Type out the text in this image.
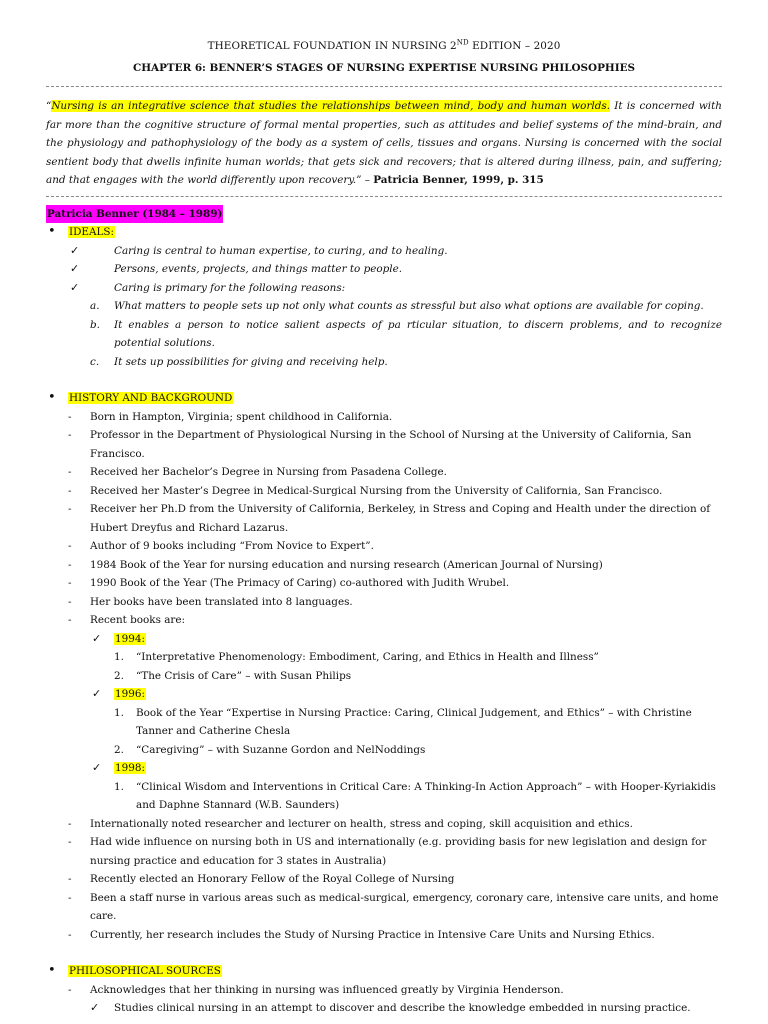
THEORETICAL FOUNDATION IN NURSING 2ND EDITION – 2020
CHAPTER 6: BENNER’S STAGES OF NURSING EXPERTISE NURSING PHILOSOPHIES
“Nursing is an integrative science that studies the relationships between mind, body and human worlds. It is concerned with far more than the cognitive structure of formal mental properties, such as attitudes and belief systems of the mind-brain, and the physiology and pathophysiology of the body as a system of cells, tissues and organs. Nursing is concerned with the social sentient body that dwells infinite human worlds; that gets sick and recovers; that is altered during illness, pain, and suffering; and that engages with the world differently upon recovery.” – Patricia Benner, 1999, p. 315
Patricia Benner (1984 – 1989)
• IDEALS:
✓	Caring is central to human expertise, to curing, and to healing.
✓	Persons, events, projects, and things matter to people.
✓	Caring is primary for the following reasons:
a. What matters to people sets up not only what counts as stressful but also what options are available for coping.
b. It enables a person to notice salient aspects of pa rticular situation, to discern problems, and to recognize potential solutions.
c. It sets up possibilities for giving and receiving help.
• HISTORY AND BACKGROUND
- Born in Hampton, Virginia; spent childhood in California.
- Professor in the Department of Physiological Nursing in the School of Nursing at the University of California, San Francisco.
- Received her Bachelor’s Degree in Nursing from Pasadena College.
- Received her Master’s Degree in Medical-Surgical Nursing from the University of California, San Francisco.
- Receiver her Ph.D from the University of California, Berkeley, in Stress and Coping and Health under the direction of Hubert Dreyfus and Richard Lazarus.
- Author of 9 books including “From Novice to Expert”.
- 1984 Book of the Year for nursing education and nursing research (American Journal of Nursing)
- 1990 Book of the Year (The Primacy of Caring) co-authored with Judith Wrubel.
- Her books have been translated into 8 languages.
- Recent books are:
✓ 1994:
1. “Interpretative Phenomenology: Embodiment, Caring, and Ethics in Health and Illness”
2. “The Crisis of Care” – with Susan Philips
✓ 1996:
1. Book of the Year “Expertise in Nursing Practice: Caring, Clinical Judgement, and Ethics” – with Christine Tanner and Catherine Chesla
2. “Caregiving” – with Suzanne Gordon and NelNoddings
✓ 1998:
1. “Clinical Wisdom and Interventions in Critical Care: A Thinking-In Action Approach” – with Hooper-Kyriakidis and Daphne Stannard (W.B. Saunders)
- Internationally noted researcher and lecturer on health, stress and coping, skill acquisition and ethics.
- Had wide influence on nursing both in US and internationally (e.g. providing basis for new legislation and design for nursing practice and education for 3 states in Australia)
- Recently elected an Honorary Fellow of the Royal College of Nursing
- Been a staff nurse in various areas such as medical-surgical, emergency, coronary care, intensive care units, and home care.
- Currently, her research includes the Study of Nursing Practice in Intensive Care Units and Nursing Ethics.
• PHILOSOPHICAL SOURCES
- Acknowledges that her thinking in nursing was influenced greatly by Virginia Henderson.
✓ Studies clinical nursing in an attempt to discover and describe the knowledge embedded in nursing practice.
